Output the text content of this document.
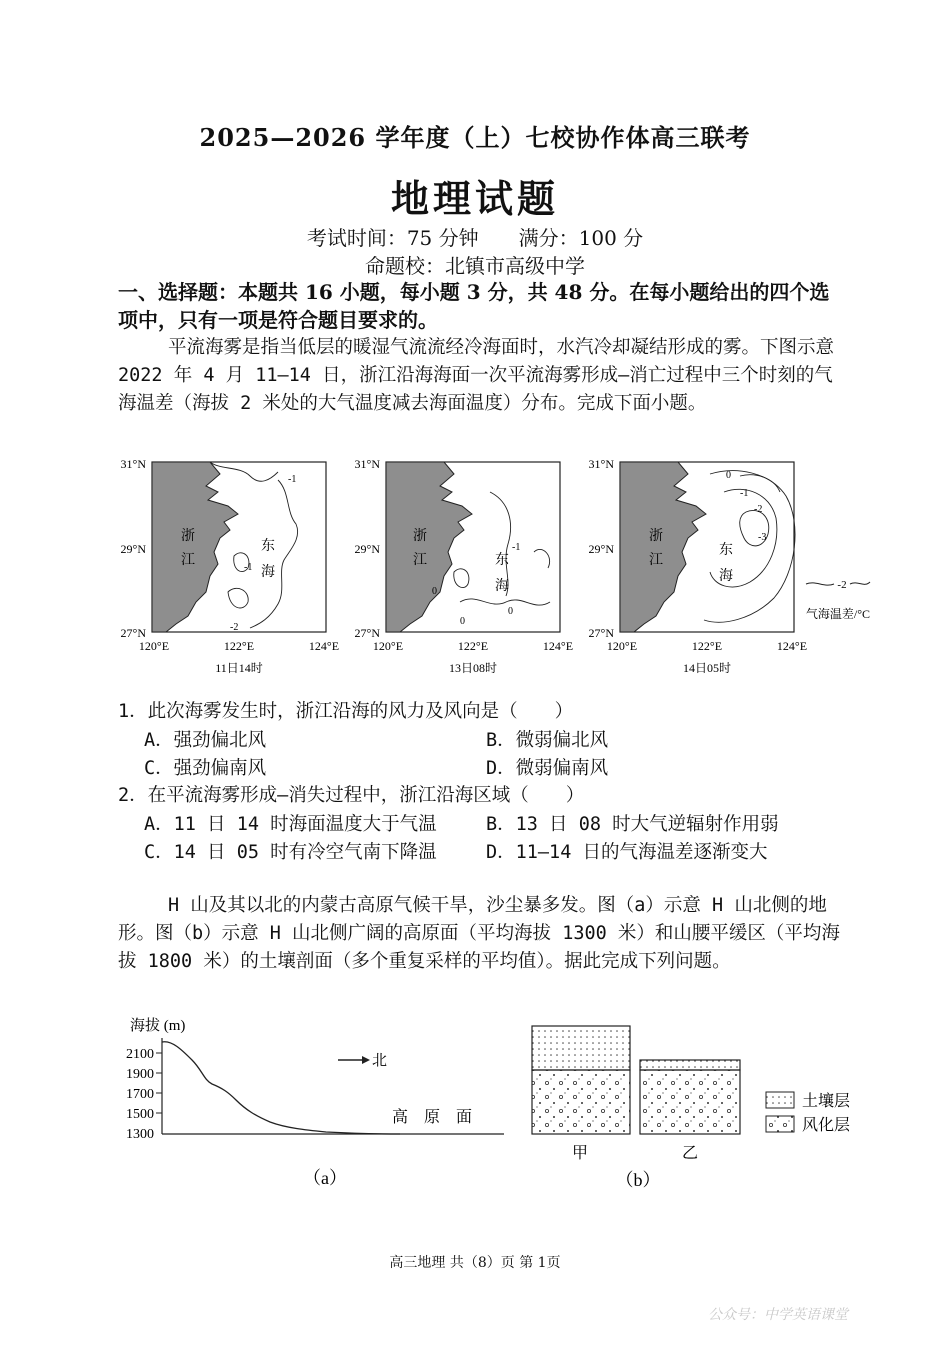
2025—2026 学年度（上）七校协作体高三联考
地理试题
考试时间：75 分钟 满分：100 分
命题校：北镇市高级中学
一、选择题：本题共 16 小题，每小题 3 分，共 48 分。在每小题给出的四个选项中，只有一项是符合题目要求的。
平流海雾是指当低层的暖湿气流流经冷海面时，水汽冷却凝结形成的雾。下图示意 2022 年 4 月 11—14 日，浙江沿海海面一次平流海雾形成—消亡过程中三个时刻的气海温差（海拔 2 米处的大气温度减去海面温度）分布。完成下面小题。
31°N
29°N
27°N
120°E	122°E	124°E
浙
江
东
海
-1
-1
-2
11日14时
31°N
29°N
27°N
120°E	122°E	124°E
浙
江	东
海
-1
0
0
0
13日08时
31°N
29°N
27°N
120°E	122°E	124°E
浙
江
东
海
0
-1
-2
-3
14日05时
-2
气海温差/°C
1．此次海雾发生时，浙江沿海的风力及风向是（　　）
A．强劲偏北风	B．微弱偏北风
C．强劲偏南风	D．微弱偏南风
2．在平流海雾形成—消失过程中，浙江沿海区域（　　）
A．11 日 14 时海面温度大于气温	B．13 日 08 时大气逆辐射作用弱
C．14 日 05 时有冷空气南下降温	D．11—14 日的气海温差逐渐变大
H 山及其以北的内蒙古高原气候干旱，沙尘暴多发。图（a）示意 H 山北侧的地形。图（b）示意 H 山北侧广阔的高原面（平均海拔 1300 米）和山腰平缓区（平均海拔 1800 米）的土壤剖面（多个重复采样的平均值）。据此完成下列问题。
海拔 (m)
2100
1900
1700
1500
1300
北
高　原　面
（a）
甲	乙
（b）
土壤层
风化层
高三地理 共（8）页 第 1页
公众号：中学英语课堂
